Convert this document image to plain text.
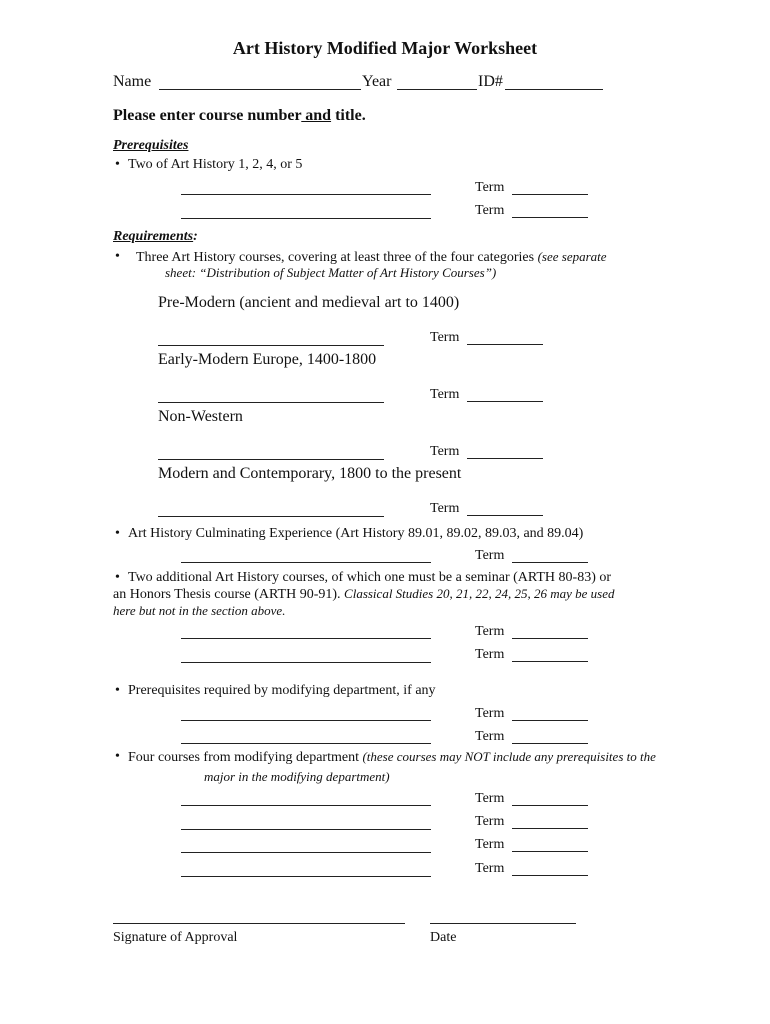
Art History Modified Major Worksheet
Name	Year	ID#
Please enter course number and title.
Prerequisites
• Two of Art History 1, 2, 4, or 5
Term
Term
Requirements:
• Three Art History courses, covering at least three of the four categories (see separate
sheet: “Distribution of Subject Matter of Art History Courses”)
Pre-Modern (ancient and medieval art to 1400)
Term
Early-Modern Europe, 1400-1800
Term
Non-Western
Term
Modern and Contemporary, 1800 to the present
Term
• Art History Culminating Experience (Art History 89.01, 89.02, 89.03, and 89.04)
Term
• Two additional Art History courses, of which one must be a seminar (ARTH 80-83) or
an Honors Thesis course (ARTH 90-91). Classical Studies 20, 21, 22, 24, 25, 26 may be used
here but not in the section above.
Term
Term
• Prerequisites required by modifying department, if any
Term
Term
• Four courses from modifying department (these courses may NOT include any prerequisites to the
major in the modifying department)
Term
Term
Term
Term
Signature of Approval	Date
